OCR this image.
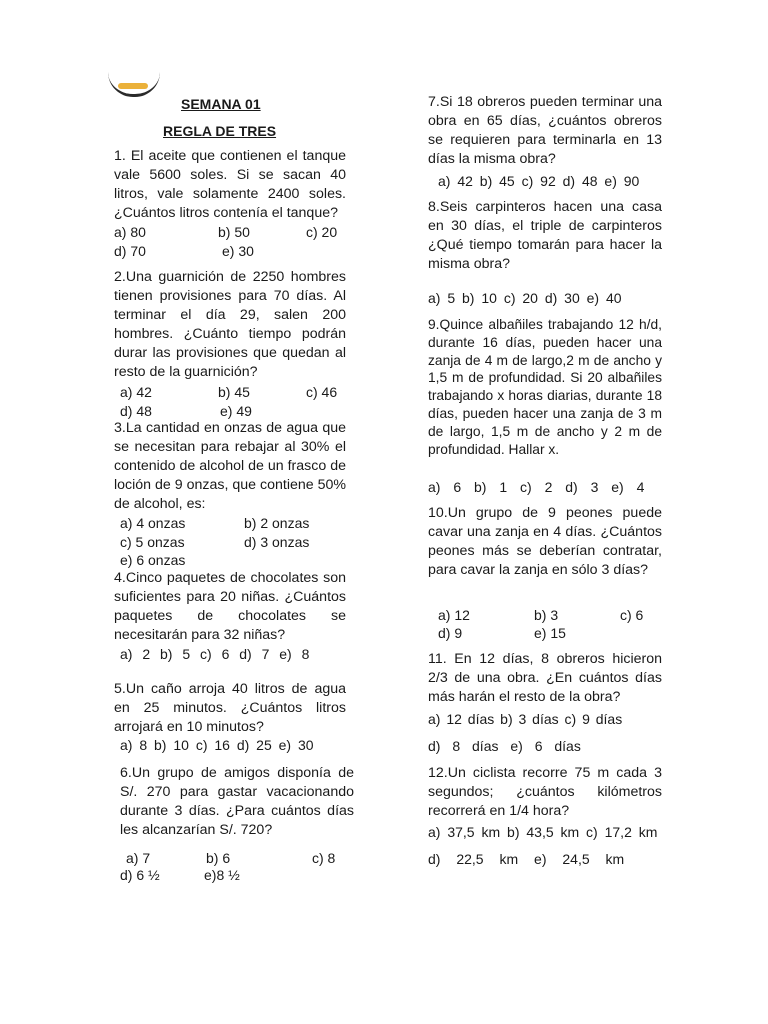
SEMANA 01
REGLA DE TRES
1. El aceite que contienen el tanque vale 5600 soles. Si se sacan 40 litros, vale solamente 2400 soles. ¿Cuántos litros contenía el tanque?
a) 80	b) 50	c) 20
d) 70	e) 30
2.Una guarnición de 2250 hombres tienen provisiones para 70 días. Al terminar el día 29, salen 200 hombres. ¿Cuánto tiempo podrán durar las provisiones que quedan al resto de la guarnición?
a) 42	b) 45	c) 46
d) 48	e) 49
3.La cantidad en onzas de agua que se necesitan para rebajar al 30% el contenido de alcohol de un frasco de loción de 9 onzas, que contiene 50% de alcohol, es:
a) 4 onzas	b) 2 onzas
c) 5 onzas	d) 3 onzas
e) 6 onzas
4.Cinco paquetes de chocolates son suficientes para 20 niñas. ¿Cuántos paquetes de chocolates se necesitarán para 32 niñas?
a) 2 b) 5 c) 6 d) 7 e) 8
5.Un caño arroja 40 litros de agua en 25 minutos. ¿Cuántos litros arrojará en 10 minutos?
a) 8 b) 10 c) 16 d) 25 e) 30
6.Un grupo de amigos disponía de S/. 270 para gastar vacacionando durante 3 días. ¿Para cuántos días les alcanzarían S/. 720?
a) 7	b) 6	c) 8
d) 6 ½	e)8 ½
7.Si 18 obreros pueden terminar una obra en 65 días, ¿cuántos obreros se requieren para terminarla en 13 días la misma obra?
a) 42 b) 45 c) 92 d) 48 e) 90
8.Seis carpinteros hacen una casa en 30 días, el triple de carpinteros ¿Qué tiempo tomarán para hacer la misma obra?
a) 5 b) 10 c) 20 d) 30 e) 40
9.Quince albañiles trabajando 12 h/d, durante 16 días, pueden hacer una zanja de 4 m de largo,2 m de ancho y 1,5 m de profundidad. Si 20 albañiles trabajando x horas diarias, durante 18 días, pueden hacer una zanja de 3 m de largo, 1,5 m de ancho y 2 m de profundidad. Hallar x.
a) 6 b) 1 c) 2 d) 3 e) 4
10.Un grupo de 9 peones puede cavar una zanja en 4 días. ¿Cuántos peones más se deberían contratar, para cavar la zanja en sólo 3 días?
a) 12	b) 3	c) 6
d) 9	e) 15
11. En 12 días, 8 obreros hicieron 2/3 de una obra. ¿En cuántos días más harán el resto de la obra?
a) 12 días b) 3 días c) 9 días
d) 8 días e) 6 días
12.Un ciclista recorre 75 m cada 3 segundos; ¿cuántos kilómetros recorrerá en 1/4 hora?
a) 37,5 km b) 43,5 km c) 17,2 km
d) 22,5 km e) 24,5 km
